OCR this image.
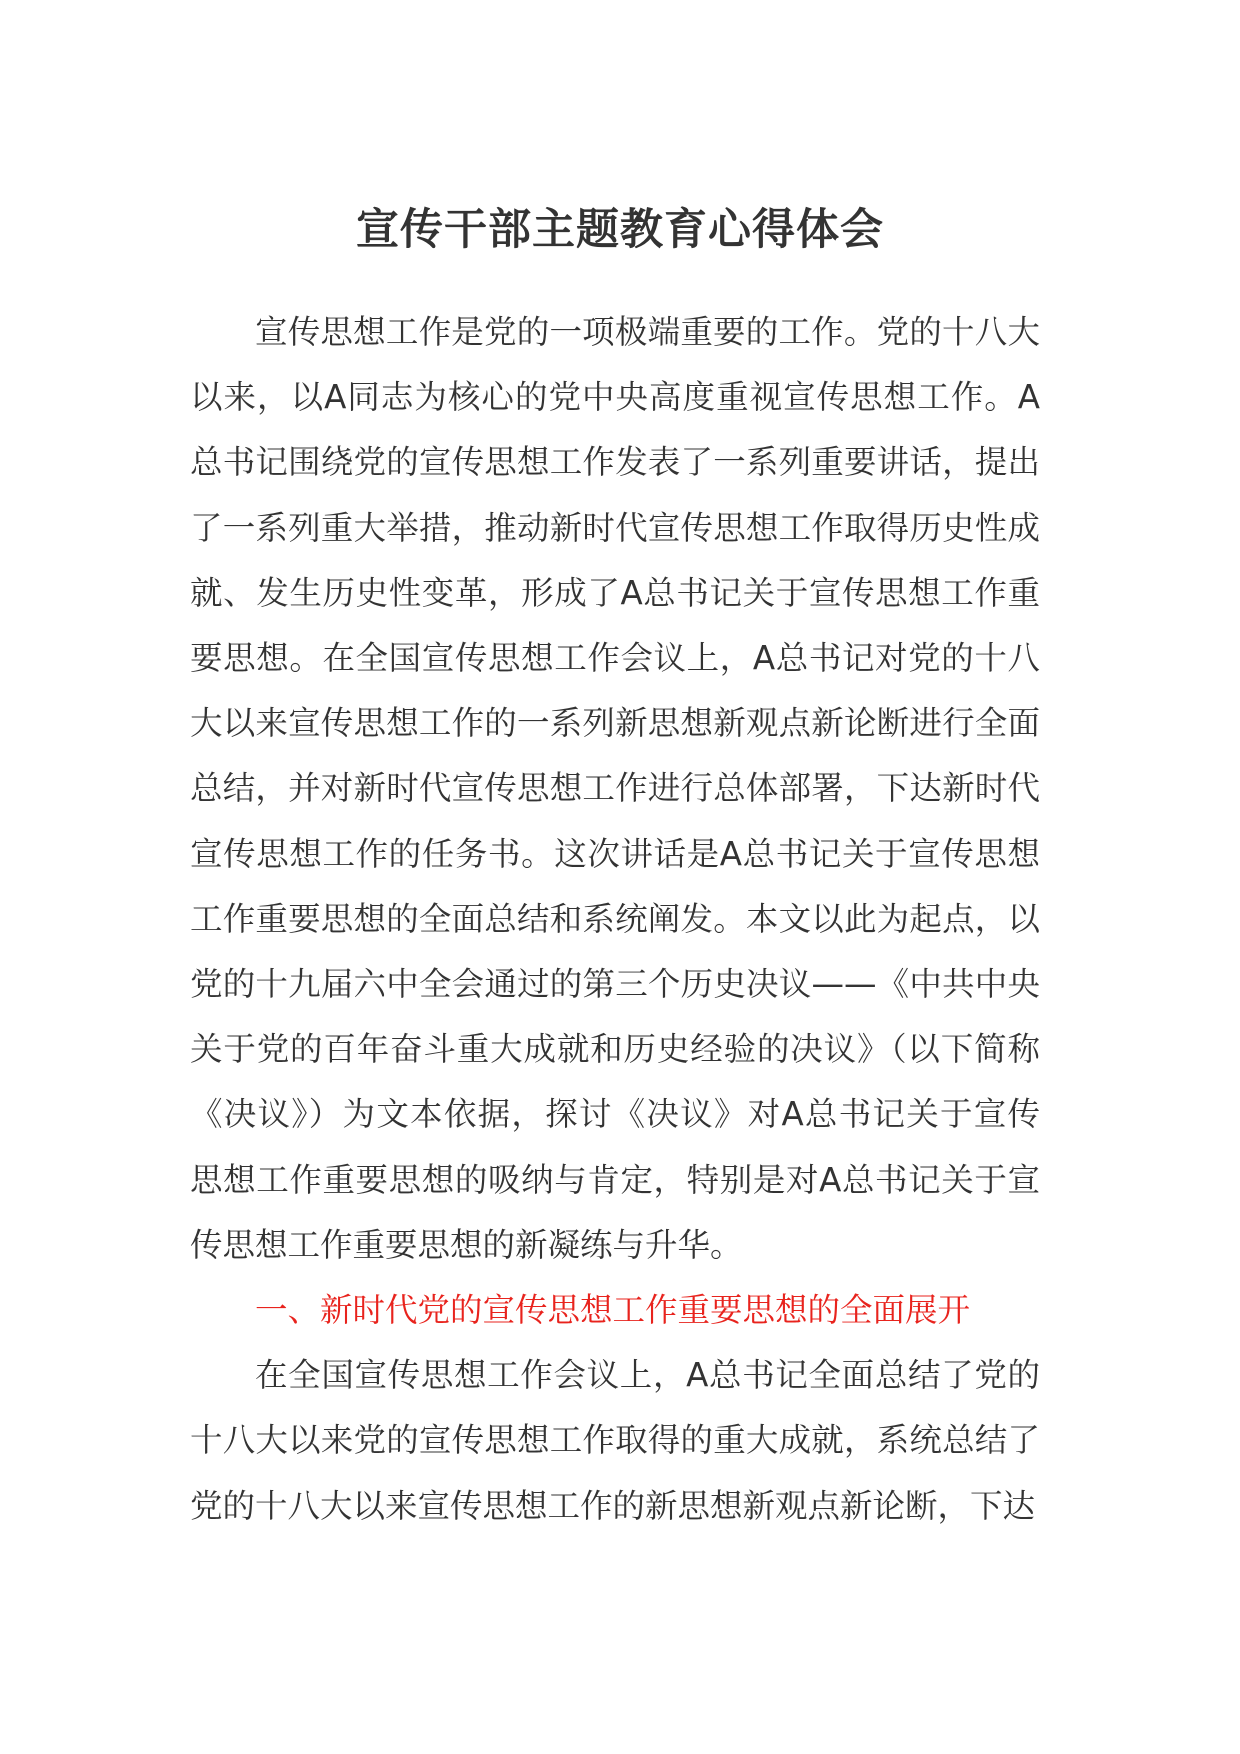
宣传干部主题教育心得体会

宣传思想工作是党的一项极端重要的工作。党的十八大以来，以A同志为核心的党中央高度重视宣传思想工作。A总书记围绕党的宣传思想工作发表了一系列重要讲话，提出了一系列重大举措，推动新时代宣传思想工作取得历史性成就、发生历史性变革，形成了A总书记关于宣传思想工作重要思想。在全国宣传思想工作会议上，A总书记对党的十八大以来宣传思想工作的一系列新思想新观点新论断进行全面总结，并对新时代宣传思想工作进行总体部署，下达新时代宣传思想工作的任务书。这次讲话是A总书记关于宣传思想工作重要思想的全面总结和系统阐发。本文以此为起点，以党的十九届六中全会通过的第三个历史决议——《中共中央关于党的百年奋斗重大成就和历史经验的决议》（以下简称《决议》）为文本依据，探讨《决议》对A总书记关于宣传思想工作重要思想的吸纳与肯定，特别是对A总书记关于宣传思想工作重要思想的新凝练与升华。

一、新时代党的宣传思想工作重要思想的全面展开

在全国宣传思想工作会议上，A总书记全面总结了党的十八大以来党的宣传思想工作取得的重大成就，系统总结了党的十八大以来宣传思想工作的新思想新观点新论断，下达
